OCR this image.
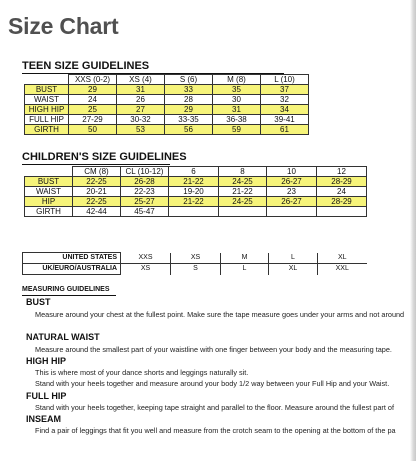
Size Chart
TEEN SIZE GUIDELINES
	XXS (0-2)	XS (4)	S (6)	M (8)	L (10)
BUST	29	31	33	35	37
WAIST	24	26	28	30	32
HIGH HIP	25	27	29	31	34
FULL HIP	27-29	30-32	33-35	36-38	39-41
GIRTH	50	53	56	59	61
CHILDREN'S SIZE GUIDELINES
	CM (8)	CL (10-12)	6	8	10	12
BUST	22-25	26-28	21-22	24-25	26-27	28-29
WAIST	20-21	22-23	19-20	21-22	23	24
HIP	22-25	25-27	21-22	24-25	26-27	28-29
GIRTH	42-44	45-47				
UNITED STATES	XXS	XS	M	L	XL
UK/EURO/AUSTRALIA	XS	S	L	XL	XXL
MEASURING GUIDELINES
BUST
Measure around your chest at the fullest point. Make sure the tape measure goes under your arms and not around
NATURAL WAIST
Measure around the smallest part of your waistline with one finger between your body and the measuring tape.
HIGH HIP
This is where most of your dance shorts and leggings naturally sit.
Stand with your heels together and measure around your body 1/2 way between your Full Hip and your Waist.
FULL HIP
Stand with your heels together, keeping tape straight and parallel to the floor. Measure around the fullest part of
INSEAM
Find a pair of leggings that fit you well and measure from the crotch seam to the opening at the bottom of the pa
